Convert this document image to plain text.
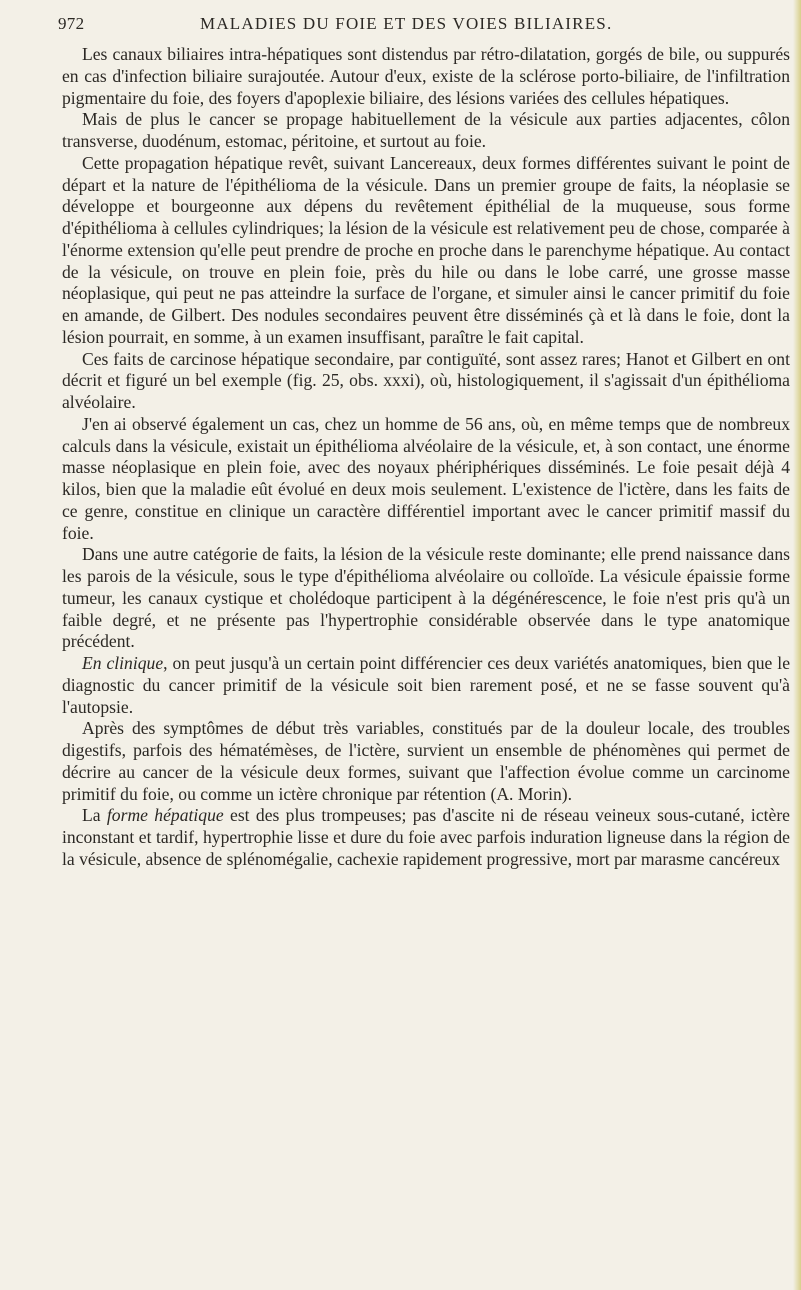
972	MALADIES DU FOIE ET DES VOIES BILIAIRES.

Les canaux biliaires intra-hépatiques sont distendus par rétro-dilatation, gorgés de bile, ou suppurés en cas d'infection biliaire surajoutée. Autour d'eux, existe de la sclérose porto-biliaire, de l'infiltration pigmentaire du foie, des foyers d'apoplexie biliaire, des lésions variées des cellules hépatiques.

Mais de plus le cancer se propage habituellement de la vésicule aux parties adjacentes, côlon transverse, duodénum, estomac, péritoine, et surtout au foie.

Cette propagation hépatique revêt, suivant Lancereaux, deux formes différentes suivant le point de départ et la nature de l'épithélioma de la vésicule. Dans un premier groupe de faits, la néoplasie se développe et bourgeonne aux dépens du revêtement épithélial de la muqueuse, sous forme d'épithélioma à cellules cylindriques; la lésion de la vésicule est relativement peu de chose, comparée à l'énorme extension qu'elle peut prendre de proche en proche dans le parenchyme hépatique. Au contact de la vésicule, on trouve en plein foie, près du hile ou dans le lobe carré, une grosse masse néoplasique, qui peut ne pas atteindre la surface de l'organe, et simuler ainsi le cancer primitif du foie en amande, de Gilbert. Des nodules secondaires peuvent être disséminés çà et là dans le foie, dont la lésion pourrait, en somme, à un examen insuffisant, paraître le fait capital.

Ces faits de carcinose hépatique secondaire, par contiguïté, sont assez rares; Hanot et Gilbert en ont décrit et figuré un bel exemple (fig. 25, obs. xxxi), où, histologiquement, il s'agissait d'un épithélioma alvéolaire.

J'en ai observé également un cas, chez un homme de 56 ans, où, en même temps que de nombreux calculs dans la vésicule, existait un épithélioma alvéolaire de la vésicule, et, à son contact, une énorme masse néoplasique en plein foie, avec des noyaux phériphériques disséminés. Le foie pesait déjà 4 kilos, bien que la maladie eût évolué en deux mois seulement. L'existence de l'ictère, dans les faits de ce genre, constitue en clinique un caractère différentiel important avec le cancer primitif massif du foie.

Dans une autre catégorie de faits, la lésion de la vésicule reste dominante; elle prend naissance dans les parois de la vésicule, sous le type d'épithélioma alvéolaire ou colloïde. La vésicule épaissie forme tumeur, les canaux cystique et cholédoque participent à la dégénérescence, le foie n'est pris qu'à un faible degré, et ne présente pas l'hypertrophie considérable observée dans le type anatomique précédent.

En clinique, on peut jusqu'à un certain point différencier ces deux variétés anatomiques, bien que le diagnostic du cancer primitif de la vésicule soit bien rarement posé, et ne se fasse souvent qu'à l'autopsie.

Après des symptômes de début très variables, constitués par de la douleur locale, des troubles digestifs, parfois des hématémèses, de l'ictère, survient un ensemble de phénomènes qui permet de décrire au cancer de la vésicule deux formes, suivant que l'affection évolue comme un carcinome primitif du foie, ou comme un ictère chronique par rétention (A. Morin).

La forme hépatique est des plus trompeuses; pas d'ascite ni de réseau veineux sous-cutané, ictère inconstant et tardif, hypertrophie lisse et dure du foie avec parfois induration ligneuse dans la région de la vésicule, absence de splénomégalie, cachexie rapidement progressive, mort par marasme cancéreux
